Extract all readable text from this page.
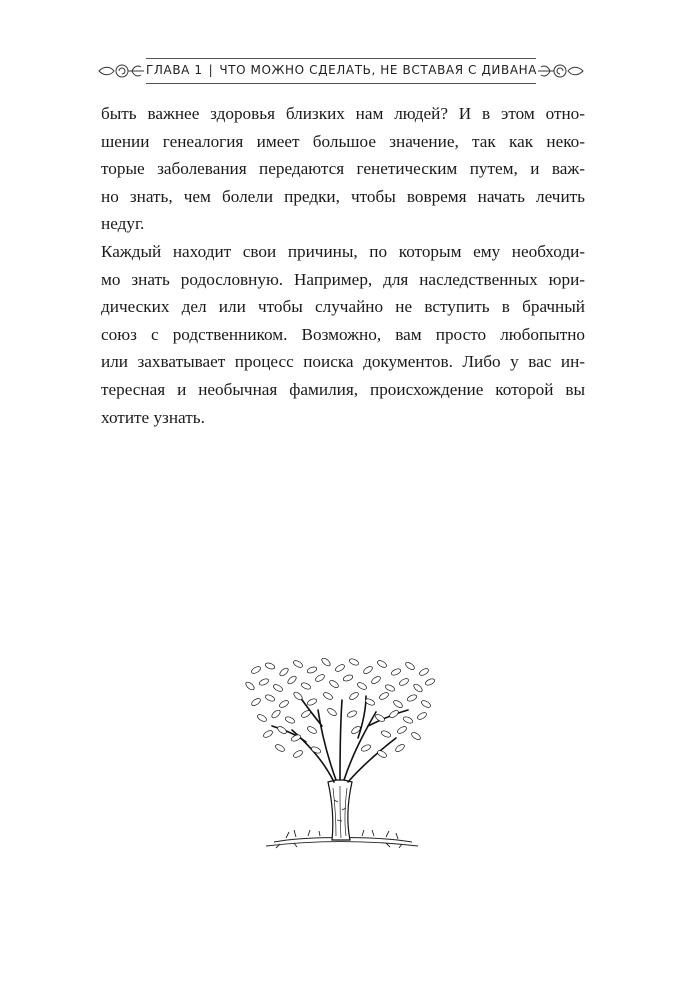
ГЛАВА 1 | ЧТО МОЖНО СДЕЛАТЬ, НЕ ВСТАВАЯ С ДИВАНА
быть важнее здоровья близких нам людей? И в этом отно-
шении генеалогия имеет большое значение, так как неко-
торые заболевания передаются генетическим путем, и важ-
но знать, чем болели предки, чтобы вовремя начать лечить
недуг.
Каждый находит свои причины, по которым ему необходи-
мо знать родословную. Например, для наследственных юри-
дических дел или чтобы случайно не вступить в брачный
союз с родственником. Возможно, вам просто любопытно
или захватывает процесс поиска документов. Либо у вас ин-
тересная и необычная фамилия, происхождение которой вы
хотите узнать.
